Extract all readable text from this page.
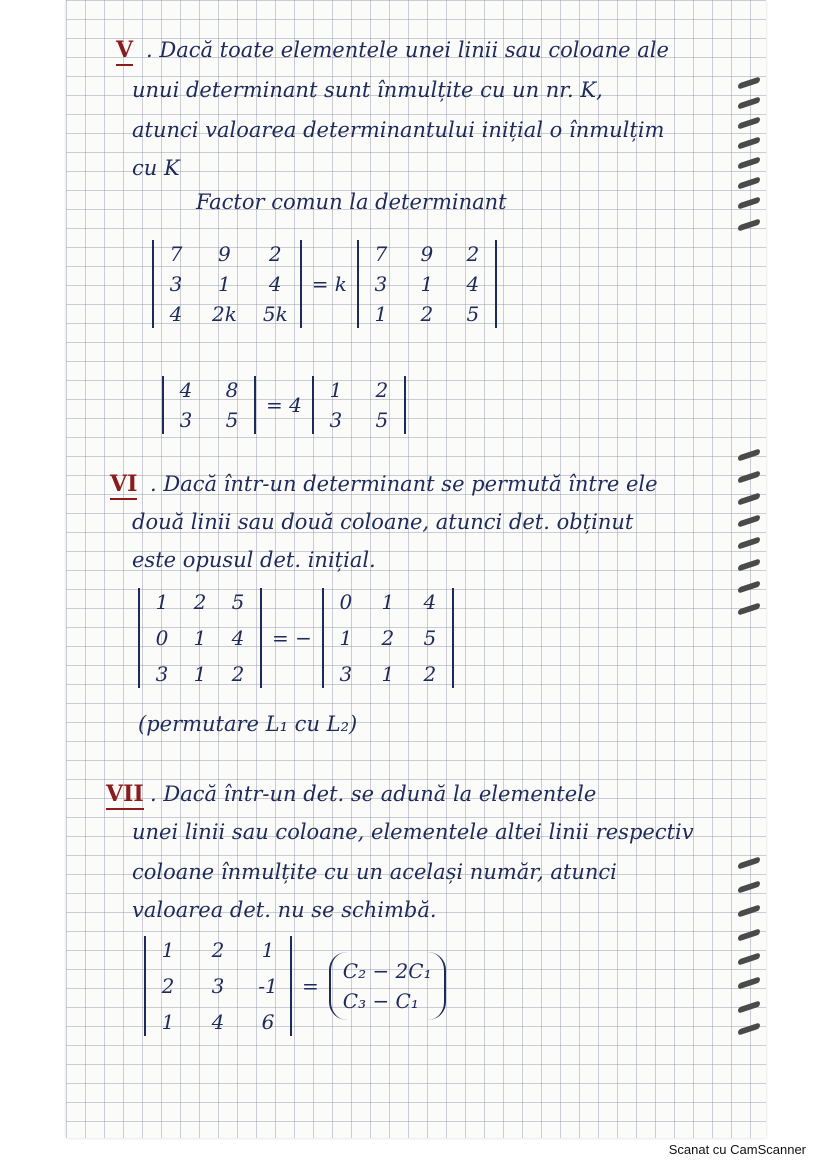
V . Dacă toate elementele unei linii sau coloane ale
unui determinant sunt înmulțite cu un nr. K,
atunci valoarea determinantului inițial o înmulțim
cu K
Factor comun la determinant
7	9	2
3	1	4
4 2k 5k
= k
7 9 2
3 1 4
1 2 5
4 8
3 5
= 4
1 2
3 5
VI . Dacă într-un determinant se permută între ele
două linii sau două coloane, atunci det. obținut
este opusul det. inițial.
1 2 5
0 1 4
3 1 2
= −
0 1 4
1 2 5
3 1 2
(permutare L₁ cu L₂)
VII . Dacă într-un det. se adună la elementele
unei linii sau coloane, elementele altei linii respectiv
coloane înmulțite cu un același număr, atunci
valoarea det. nu se schimbă.
1 2 1
2 3 -1
1 4 6
=
C₂ − 2C₁
C₃ − C₁
Scanat cu CamScanner
